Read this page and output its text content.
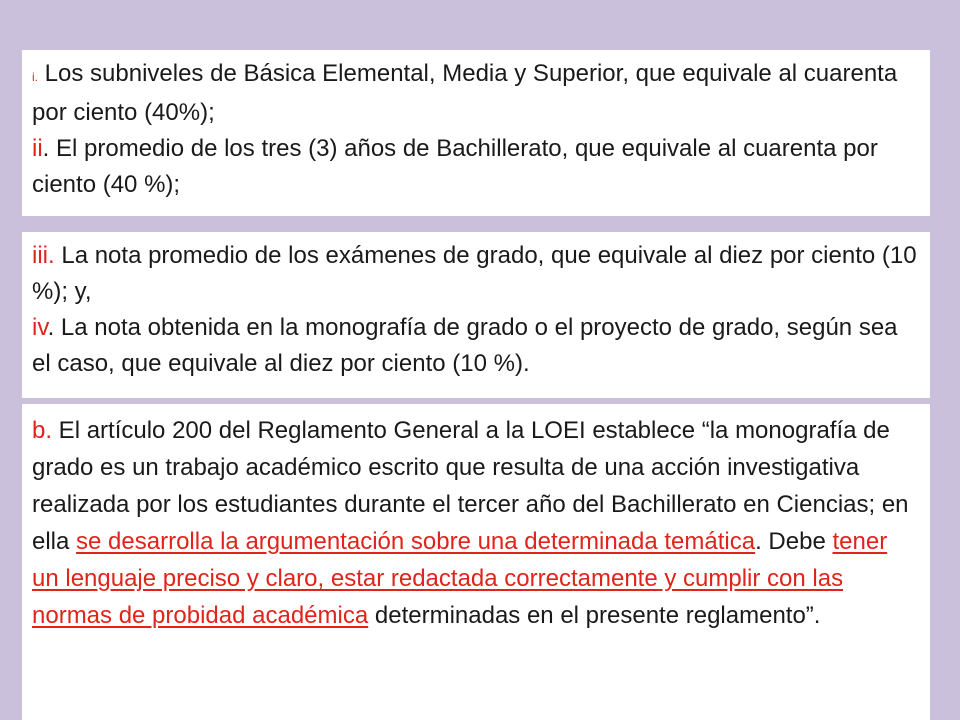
i. Los subniveles de Básica Elemental, Media y Superior, que equivale al cuarenta por ciento (40%);

ii. El promedio de los tres (3) años de Bachillerato, que equivale al cuarenta por ciento (40 %);

iii. La nota promedio de los exámenes de grado, que equivale al diez por ciento (10 %); y,

iv. La nota obtenida en la monografía de grado o el proyecto de grado, según sea el caso, que equivale al diez por ciento (10 %).

b. El artículo 200 del Reglamento General a la LOEI establece “la monografía de grado es un trabajo académico escrito que resulta de una acción investigativa realizada por los estudiantes durante el tercer año del Bachillerato en Ciencias; en ella se desarrolla la argumentación sobre una determinada temática. Debe tener un lenguaje preciso y claro, estar redactada correctamente y cumplir con las normas de probidad académica determinadas en el presente reglamento”.
